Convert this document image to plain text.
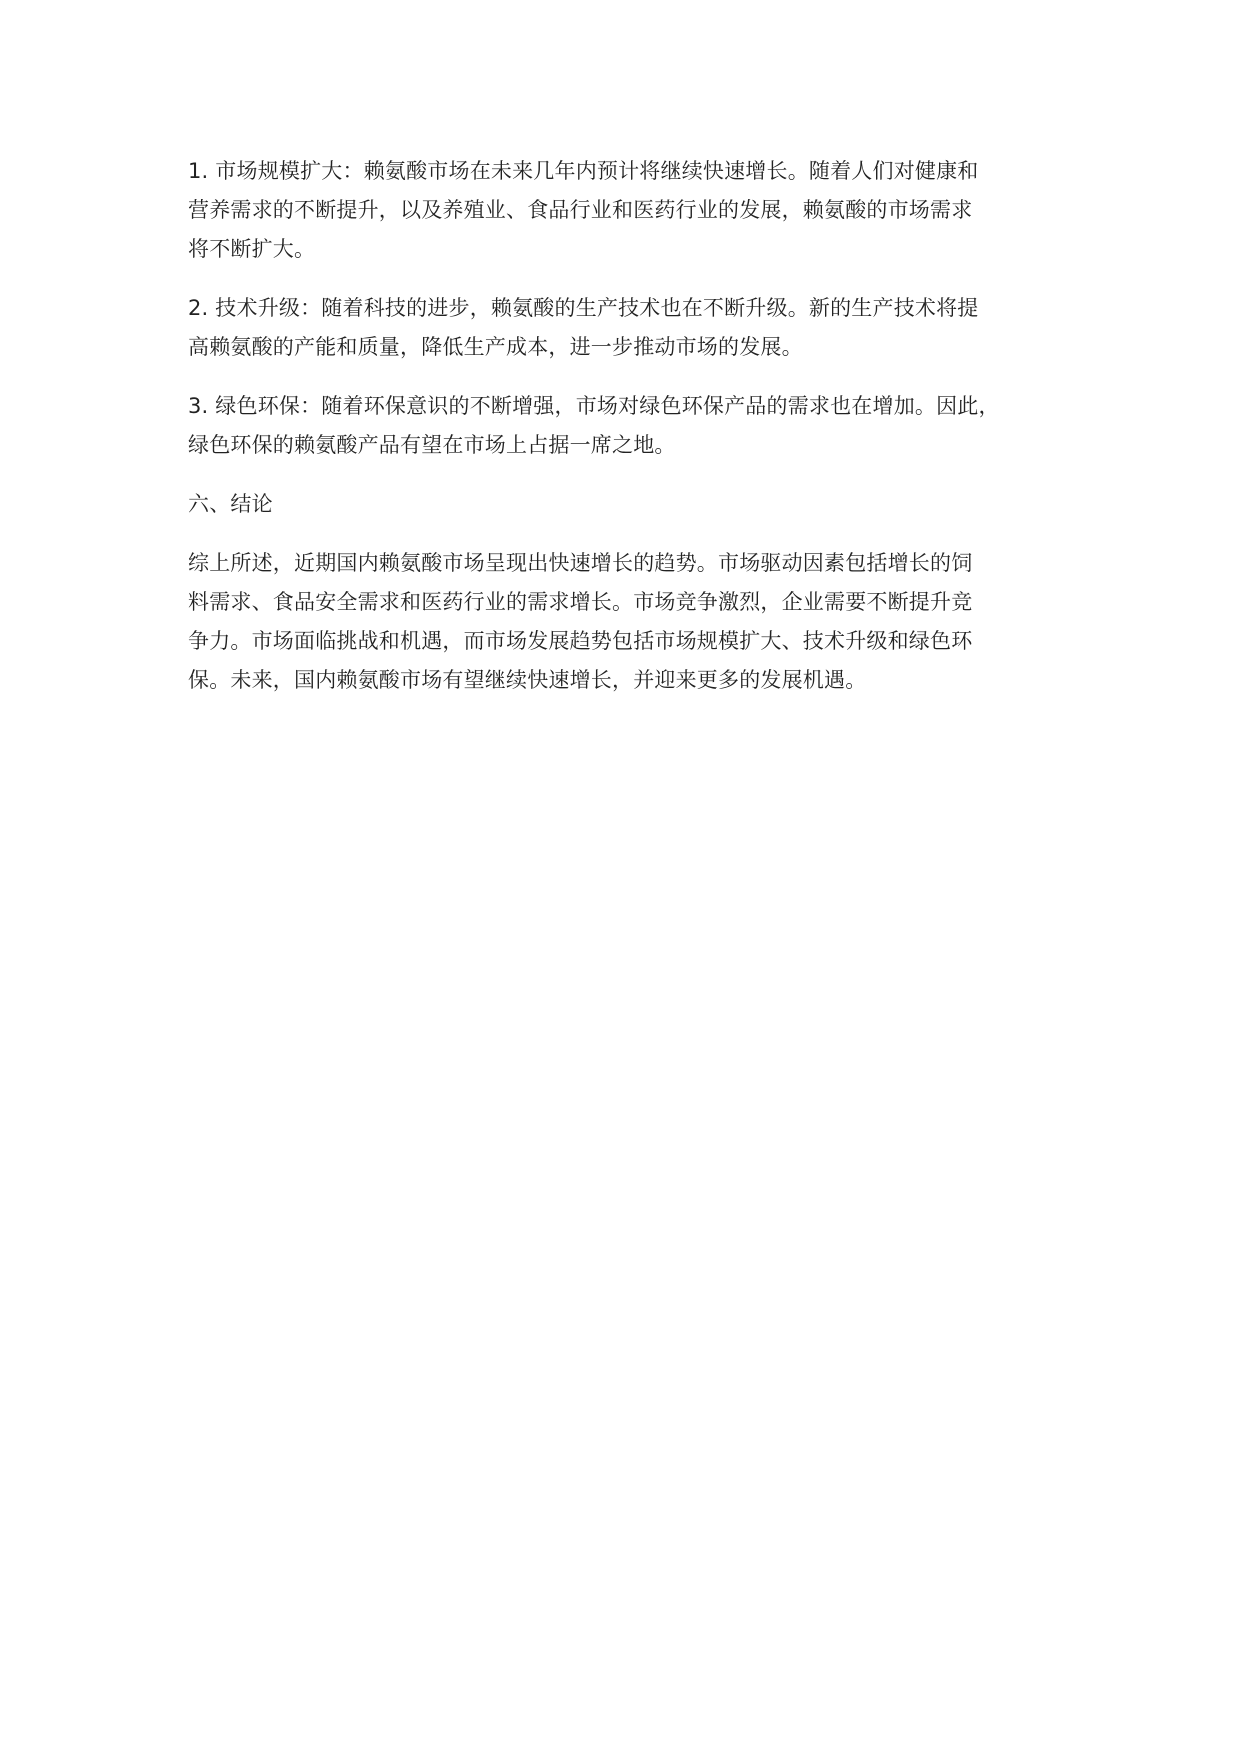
1. 市场规模扩大：赖氨酸市场在未来几年内预计将继续快速增长。随着人们对健康和
营养需求的不断提升，以及养殖业、食品行业和医药行业的发展，赖氨酸的市场需求
将不断扩大。

2. 技术升级：随着科技的进步，赖氨酸的生产技术也在不断升级。新的生产技术将提
高赖氨酸的产能和质量，降低生产成本，进一步推动市场的发展。

3. 绿色环保：随着环保意识的不断增强，市场对绿色环保产品的需求也在增加。因此，
绿色环保的赖氨酸产品有望在市场上占据一席之地。

六、结论

综上所述，近期国内赖氨酸市场呈现出快速增长的趋势。市场驱动因素包括增长的饲
料需求、食品安全需求和医药行业的需求增长。市场竞争激烈，企业需要不断提升竞
争力。市场面临挑战和机遇，而市场发展趋势包括市场规模扩大、技术升级和绿色环
保。未来，国内赖氨酸市场有望继续快速增长，并迎来更多的发展机遇。
